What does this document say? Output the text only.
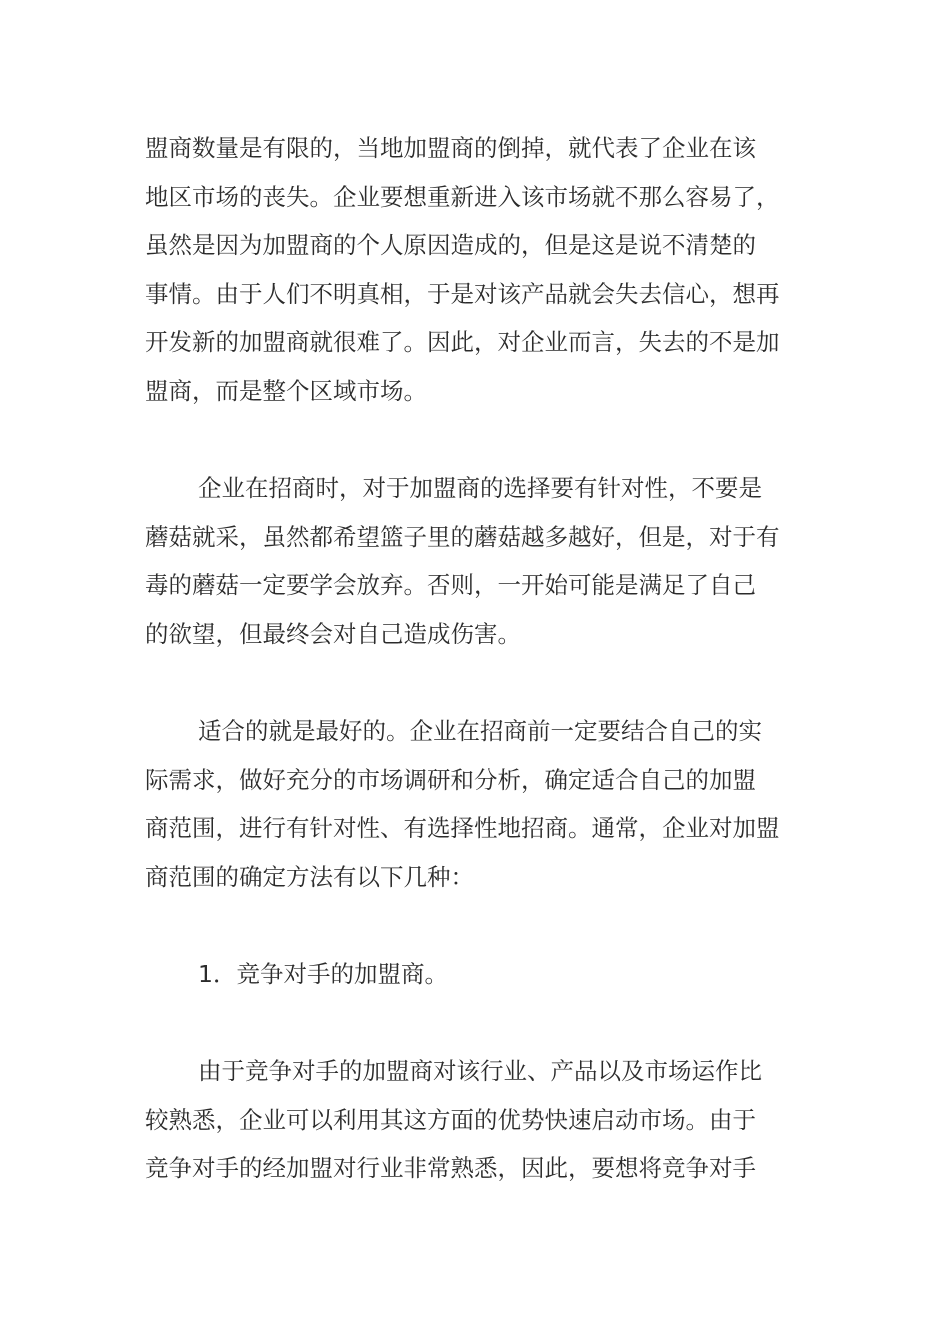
盟商数量是有限的，当地加盟商的倒掉，就代表了企业在该
地区市场的丧失。企业要想重新进入该市场就不那么容易了，
虽然是因为加盟商的个人原因造成的，但是这是说不清楚的
事情。由于人们不明真相，于是对该产品就会失去信心，想再
开发新的加盟商就很难了。因此，对企业而言，失去的不是加
盟商，而是整个区域市场。
企业在招商时，对于加盟商的选择要有针对性，不要是
蘑菇就采，虽然都希望篮子里的蘑菇越多越好，但是，对于有
毒的蘑菇一定要学会放弃。否则，一开始可能是满足了自己
的欲望，但最终会对自己造成伤害。
适合的就是最好的。企业在招商前一定要结合自己的实
际需求，做好充分的市场调研和分析，确定适合自己的加盟
商范围，进行有针对性、有选择性地招商。通常，企业对加盟
商范围的确定方法有以下几种：
1．竞争对手的加盟商。
由于竞争对手的加盟商对该行业、产品以及市场运作比
较熟悉，企业可以利用其这方面的优势快速启动市场。由于
竞争对手的经加盟对行业非常熟悉，因此，要想将竞争对手
